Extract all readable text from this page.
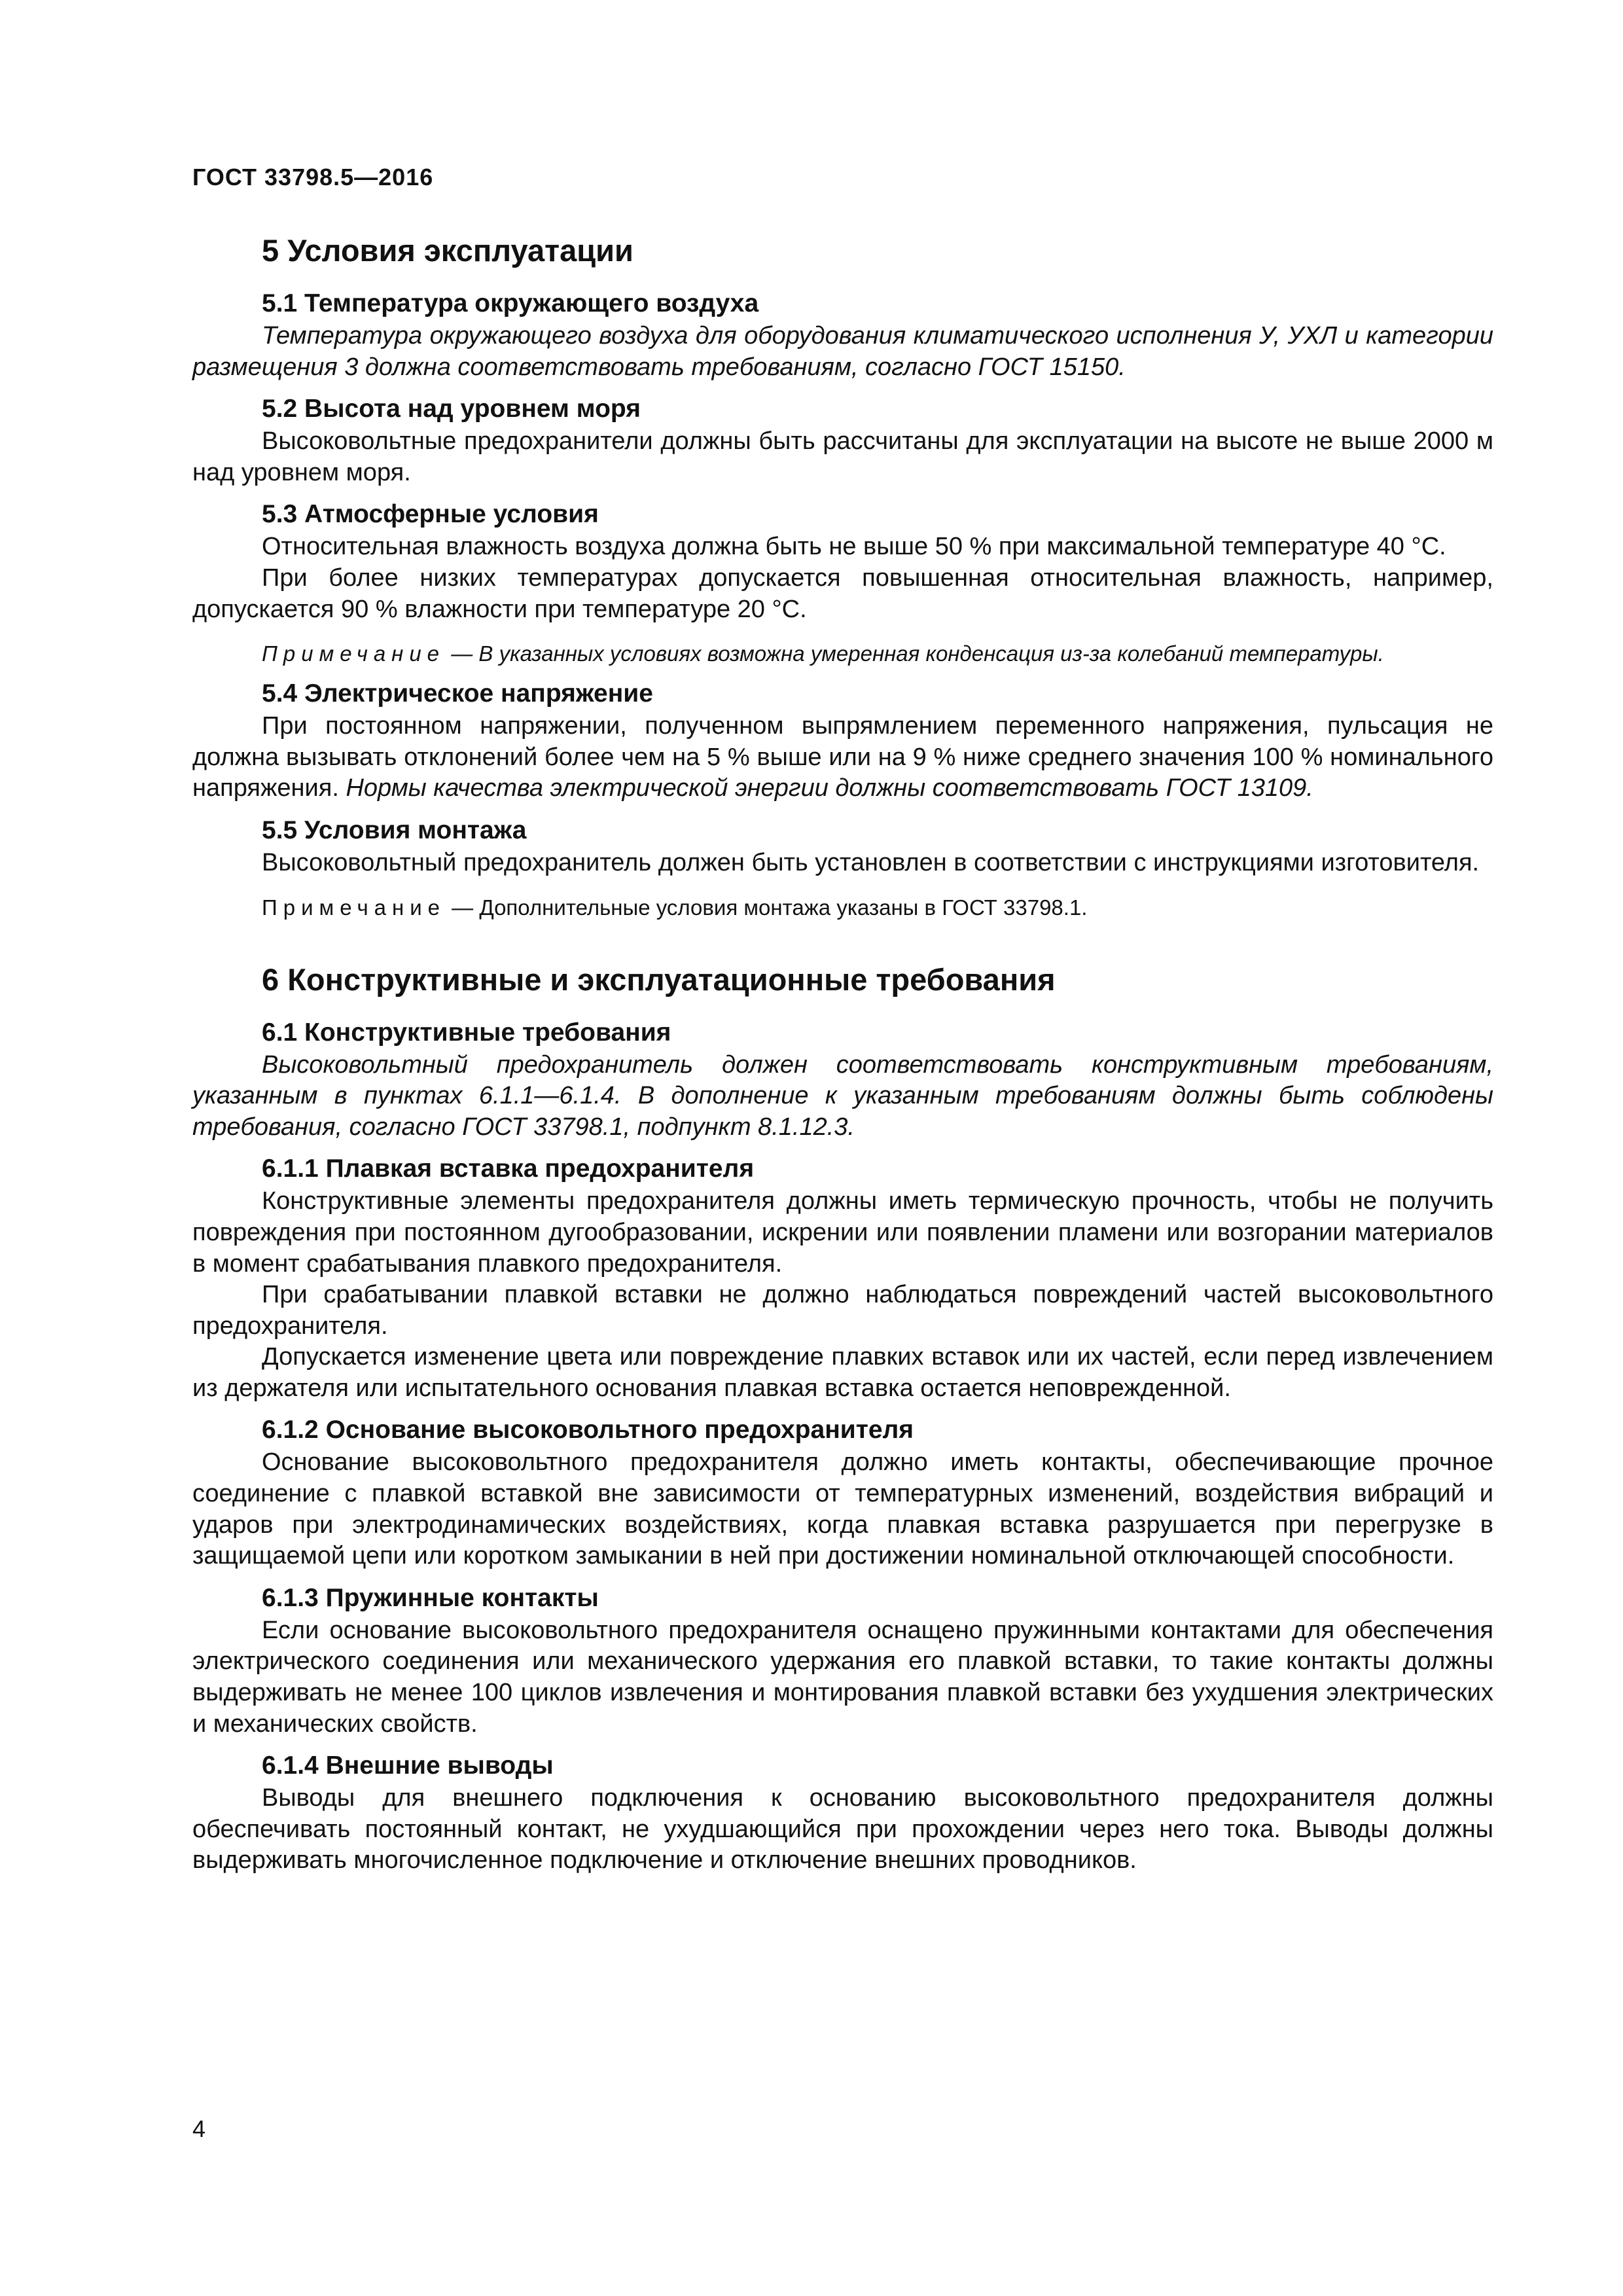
ГОСТ 33798.5—2016
5 Условия эксплуатации
5.1 Температура окружающего воздуха

Температура окружающего воздуха для оборудования климатического исполнения У, УХЛ и категории размещения 3 должна соответствовать требованиям, согласно ГОСТ 15150.

5.2 Высота над уровнем моря

Высоковольтные предохранители должны быть рассчитаны для эксплуатации на высоте не выше 2000 м над уровнем моря.

5.3 Атмосферные условия

Относительная влажность воздуха должна быть не выше 50 % при максимальной температуре 40 °С.

При более низких температурах допускается повышенная относительная влажность, например, допускается 90 % влажности при температуре 20 °С.

Примечание — В указанных условиях возможна умеренная конденсация из-за колебаний температуры.

5.4 Электрическое напряжение

При постоянном напряжении, полученном выпрямлением переменного напряжения, пульсация не должна вызывать отклонений более чем на 5 % выше или на 9 % ниже среднего значения 100 % номинального напряжения. Нормы качества электрической энергии должны соответствовать ГОСТ 13109.

5.5 Условия монтажа

Высоковольтный предохранитель должен быть установлен в соответствии с инструкциями изготовителя.

Примечание — Дополнительные условия монтажа указаны в ГОСТ 33798.1.

6 Конструктивные и эксплуатационные требования
6.1 Конструктивные требования

Высоковольтный предохранитель должен соответствовать конструктивным требованиям, указанным в пунктах 6.1.1—6.1.4. В дополнение к указанным требованиям должны быть соблюдены требования, согласно ГОСТ 33798.1, подпункт 8.1.12.3.

6.1.1 Плавкая вставка предохранителя

Конструктивные элементы предохранителя должны иметь термическую прочность, чтобы не получить повреждения при постоянном дугообразовании, искрении или появлении пламени или возгорании материалов в момент срабатывания плавкого предохранителя.

При срабатывании плавкой вставки не должно наблюдаться повреждений частей высоковольтного предохранителя.

Допускается изменение цвета или повреждение плавких вставок или их частей, если перед извлечением из держателя или испытательного основания плавкая вставка остается неповрежденной.

6.1.2 Основание высоковольтного предохранителя

Основание высоковольтного предохранителя должно иметь контакты, обеспечивающие прочное соединение с плавкой вставкой вне зависимости от температурных изменений, воздействия вибраций и ударов при электродинамических воздействиях, когда плавкая вставка разрушается при перегрузке в защищаемой цепи или коротком замыкании в ней при достижении номинальной отключающей способности.

6.1.3 Пружинные контакты

Если основание высоковольтного предохранителя оснащено пружинными контактами для обеспечения электрического соединения или механического удержания его плавкой вставки, то такие контакты должны выдерживать не менее 100 циклов извлечения и монтирования плавкой вставки без ухудшения электрических и механических свойств.

6.1.4 Внешние выводы

Выводы для внешнего подключения к основанию высоковольтного предохранителя должны обеспечивать постоянный контакт, не ухудшающийся при прохождении через него тока. Выводы должны выдерживать многочисленное подключение и отключение внешних проводников.

4
